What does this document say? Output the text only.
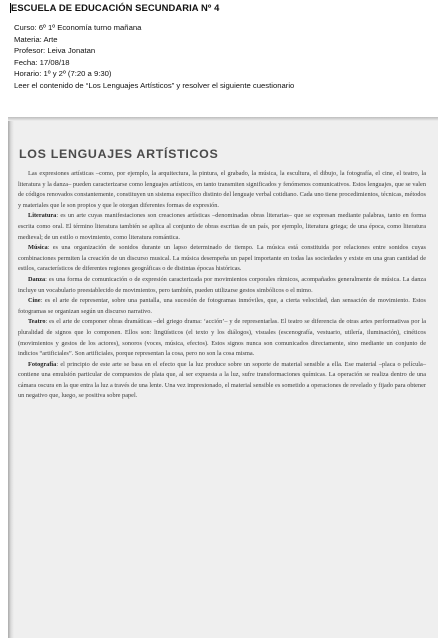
ESCUELA DE EDUCACIÓN SECUNDARIA Nº 4
Curso: 6º 1º Economía turno mañana
Materia: Arte
Profesor: Leiva Jonatan
Fecha: 17/08/18
Horario: 1º y 2º (7:20 a 9:30)
Leer el contenido de “Los Lenguajes Artísticos” y resolver el siguiente cuestionario
LOS LENGUAJES ARTÍSTICOS

Las expresiones artísticas –como, por ejemplo, la arquitectura, la pintura, el grabado, la música, la escultura, el dibujo, la fotografía, el cine, el teatro, la literatura y la danza– pueden caracterizarse como lenguajes artísticos, en tanto transmiten significados y fenómenos comunicativos. Estos lenguajes, que se valen de códigos renovados constantemente, constituyen un sistema específico distinto del lenguaje verbal cotidiano. Cada uno tiene procedimientos, técnicas, métodos y materiales que le son propios y que le otorgan diferentes formas de expresión.

Literatura: es un arte cuyas manifestaciones son creaciones artísticas –denominadas obras literarias– que se expresan mediante palabras, tanto en forma escrita como oral. El término literatura también se aplica al conjunto de obras escritas de un país, por ejemplo, literatura griega; de una época, como literatura medieval; de un estilo o movimiento, como literatura romántica.

Música: es una organización de sonidos durante un lapso determinado de tiempo. La música está constituida por relaciones entre sonidos cuyas combinaciones permiten la creación de un discurso musical. La música desempeña un papel importante en todas las sociedades y existe en una gran cantidad de estilos, característicos de diferentes regiones geográficas o de distintas épocas históricas.

Danza: es una forma de comunicación o de expresión caracterizada por movimientos corporales rítmicos, acompañados generalmente de música. La danza incluye un vocabulario preestablecido de movimientos, pero también, pueden utilizarse gestos simbólicos o el mimo.

Cine: es el arte de representar, sobre una pantalla, una sucesión de fotogramas inmóviles, que, a cierta velocidad, dan sensación de movimiento. Estos fotogramas se organizan según un discurso narrativo.

Teatro: es el arte de componer obras dramáticas –del griego drama: ‘acción’– y de representarlas. El teatro se diferencia de otras artes performativas por la pluralidad de signos que lo componen. Ellos son: lingüísticos (el texto y los diálogos), visuales (escenografía, vestuario, utilería, iluminación), cinéticos (movimientos y gestos de los actores), sonoros (voces, música, efectos). Estos signos nunca son comunicados directamente, sino mediante un conjunto de indicios “artificiales”. Son artificiales, porque representan la cosa, pero no son la cosa misma.

Fotografía: el principio de este arte se basa en el efecto que la luz produce sobre un soporte de material sensible a ella. Ese material –placa o película– contiene una emulsión particular de compuestos de plata que, al ser expuesta a la luz, sufre transformaciones químicas. La operación se realiza dentro de una cámara oscura en la que entra la luz a través de una lente. Una vez impresionado, el material sensible es sometido a operaciones de revelado y fijado para obtener un negativo que, luego, se positiva sobre papel.
